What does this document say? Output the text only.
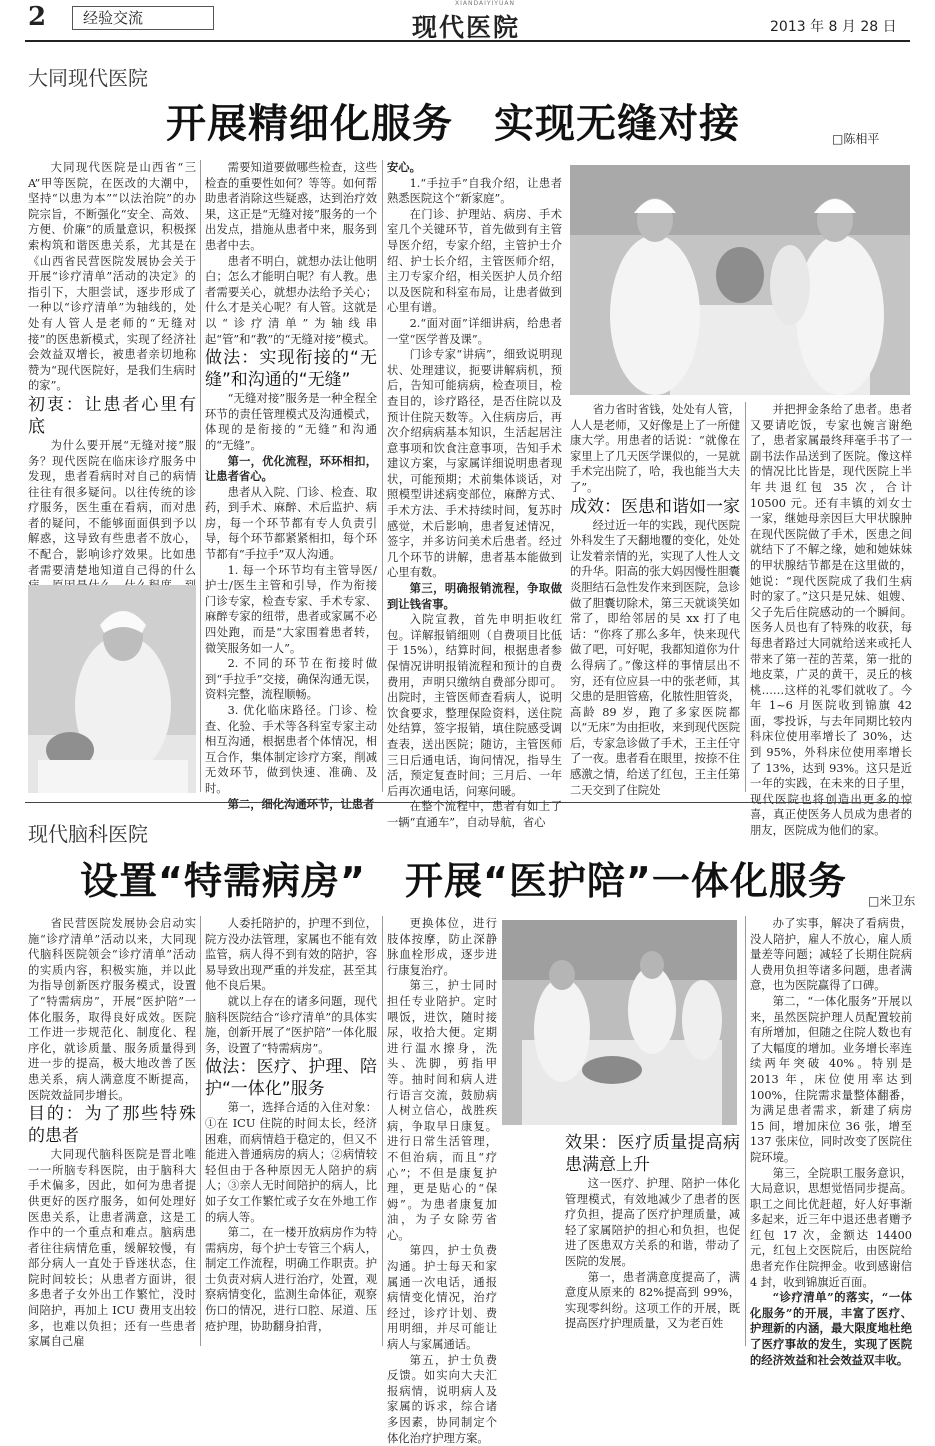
2	经验交流
XIANDAIYIYUAN
现代医院	2013 年 8 月 28 日
大同现代医院
开展精细化服务　实现无缝对接	□陈相平

大同现代医院是山西省“三A”甲等医院，在医改的大潮中，坚持“以患为本”“以法治院”的办院宗旨，不断强化“安全、高效、方便、价廉”的质量意识，积极探索构筑和谐医患关系，尤其是在《山西省民营医院发展协会关于开展“诊疗清单”活动的决定》的指引下，大胆尝试，逐步形成了一种以“诊疗清单”为轴线的，处处有人管人是老师的“无缝对接”的医患新模式，实现了经济社会效益双增长，被患者亲切地称赞为“现代医院好，是我们生病时的家”。

初衷：让患者心里有底

为什么要开展“无缝对接”服务？现代医院在临床诊疗服务中发现，患者看病时对自己的病情往往有很多疑问。以往传统的诊疗服务，医生重在看病，而对患者的疑问，不能够面面俱到予以解惑，这导致有些患者不放心，不配合，影响诊疗效果。比如患者需要清楚地知道自己得的什么

需要知道要做哪些检查，这些检查的重要性如何？等等。如何帮助患者消除这些疑惑，达到治疗效果，这正是“无缝对接”服务的一个出发点，措施从患者中来，服务到患者中去。

患者不明白，就想办法让他明白；怎么才能明白呢？有人教。患者需要关心，就想办法给予关心；什么才是关心呢？有人管。这就是以“诊疗清单”为轴线串起“管”和“教”的“无缝对接”模式。

做法：实现衔接的“无缝”和沟通的“无缝”

“无缝对接”服务是一种全程全环节的责任管理模式及沟通模式，体现的是衔接的“无缝”和沟通的“无缝”。

第一，优化流程，环环相扣，让患者省心。

患者从入院、门诊、检查、取药，到手术、麻醉、术后监护、病房，每一个环节都有专人负责引导，每个环节都紧紧相扣，每个环节都有“手拉手”双人沟通。

1. 每一个环节均有主管导医/护士/医生主管和引导，作为衔接门诊专家，检查专家、手术专家、麻醉专家的纽带，患者或家属不必四处跑，而是“大家围着患者转，微笑服务如一人”。

2. 不同的环节在衔接时做到“手拉手”交接，确保沟通无误，资料完整，流程顺畅。

3. 优化临床路径。门诊、检查、化验、手术等各科室专家主动相互沟通，根据患者个体情况，相互合作，集体制定诊疗方案，削减无效环节，做到快速、准确、及时。

第二，细化沟通环节，让患者

安心。

1.“手拉手”自我介绍，让患者熟悉医院这个“新家庭”。

在门诊、护理站、病房、手术室几个关键环节，首先做到有主管导医介绍，专家介绍，主管护士介绍、护士长介绍，主管医师介绍，主刀专家介绍，相关医护人员介绍以及医院和科室布局，让患者做到心里有谱。

2.“面对面”详细讲病，给患者一堂“医学普及课”。

门诊专家“讲病”，细致说明现状、处理建议，扼要讲解病机，预后，告知可能病病，检查项目，检查目的，诊疗路径，是否住院以及预计住院天数等。入住病房后，再次介绍病病基本知识，生活起居注意事项和饮食注意事项，告知手术建议方案，与家属详细说明患者现状，可能预期；术前集体谈话，对照模型讲述病变部位，麻醉方式、手术方法、手术持续时间，复苏时感觉，术后影响，患者复述情况，签字，并多访问美术后患者。经过几个环节的讲解，患者基本能做到心里有数。

第三，明确报销流程，争取做到让钱省事。

入院宣教，首先申明拒收红包。详解报销细则（自费项目比低于 15%），结算时间，根据患者参保情况讲明报销流程和预计的自费费用，声明只缴纳自费部分即可。出院时，主管医师查看病人，说明饮食要求，整理保险资料，送住院处结算，签字报销，填住院感受调查表，送出医院；随访，主管医师三日后通电话，询问情况，指导生活，预定复查时间；三月后、一年后再次通电话，问寒问暖。

在整个流程中，患者有如上了一辆“直通车”，自动导航，省心

省力省时省钱，处处有人管，人人是老师，又好像是上了一所健康大学。用患者的话说：“就像在家里上了几天医学课似的，一晃就手术完出院了，哈，我也能当大夫了”。

成效：医患和谐如一家

经过近一年的实践，现代医院外科发生了天翻地覆的变化，处处让发着亲情的光，实现了人性人文的升华。阳高的张大妈因慢性胆囊炎胆结石急性发作来到医院，急诊做了胆囊切除术，第三天就谈笑如常了，即给邻居的吴 xx 打了电话：“你疼了那么多年，快来现代做了吧，可好呢，我都知道你为什么得病了。”像这样的事情层出不穷，还有位应县一中的张老师，其父患的是胆管癌，化脓性胆管炎，高龄 89 岁，跑了多家医院都以“无床”为由拒收，来到现代医院后，专家急诊做了手术，王主任守了一夜。患者看在眼里，按捺不住感激之情，给送了红包，王主任第二天交到了住院处

并把押金条给了患者。患者又要请吃饭，专家也婉言谢绝了，患者家属最终拜毫手书了一副书法作品送到了医院。像这样的情况比比皆是，现代医院上半年共退红包 35 次，合计 10500 元。还有丰镇的刘女士一家，继她母亲因巨大甲状腺肿在现代医院做了手术，医患之间就结下了不解之缘，她和她妹妹的甲状腺结节都是在这里做的，她说：“现代医院成了我们生病时的家了。”这只是兄妹、姐嫂、父子先后住院感动的一个瞬间。医务人员也有了特殊的收获，每每患者路过大同就给送来或托人带来了第一茬的苦菜，第一批的地皮菜，广灵的黄干，灵丘的核桃……这样的礼零们就收了。今年 1~6 月医院收到锦旗 42 面，零投诉，与去年同期比较内科床位使用率增长了 30%，达到 95%，外科床位使用率增长了 13%，达到 93%。这只是近一年的实践，在未来的日子里，现代医院也将创造出更多的惊喜，真正使医务人员成为患者的朋友，医院成为他们的家。

现代脑科医院
设置“特需病房”　开展“医护陪”一体化服务 □米卫东

省民营医院发展协会启动实施“诊疗清单”活动以来，大同现代脑科医院领会“诊疗清单”活动的实质内容，积极实施，并以此为指导创新医疗服务模式，设置了“特需病房”，开展“医护陪”一体化服务，取得良好成效。医院工作进一步规范化、制度化、程序化，就诊质量、服务质量得到进一步的提高，极大地改善了医患关系，病人满意度不断提高，医院效益同步增长。

目的：为了那些特殊的患者

大同现代脑科医院是晋北唯一一所脑专科医院，由于脑科大手术偏多，因此，如何为患者提供更好的医疗服务，如何处理好医患关系，让患者满意，这是工作中的一个重点和难点。脑病患者往往病情危重，缓解较慢，有部分病人一直处于昏迷状态，住院时间较长；从患者方面讲，很多患者子女外出工作繁忙，没时间陪护，再加上 ICU 费用支出较多，也难以负担；还有一些患者家属自己雇

人委托陪护的，护理不到位，院方没办法管理，家属也不能有效监管，病人得不到有效的陪护，容易导致出现严重的并发症，甚至其他不良后果。

就以上存在的诸多问题，现代脑科医院结合“诊疗清单”的具体实施，创新开展了“医护陪”一体化服务，设置了“特需病房”。

做法：医疗、护理、陪护“一体化”服务

第一，选择合适的入住对象：①在 ICU 住院的时间太长，经济困难，而病情趋于稳定的，但又不能进入普通病房的病人；②病情较轻但由于各种原因无人陪护的病人；③亲人无时间陪护的病人，比如子女工作繁忙或子女在外地工作的病人等。

第二，在一楼开放病房作为特需病房，每个护士专管三个病人，制定工作流程，明确工作职责。护士负责对病人进行治疗，处置，观察病情变化，监测生命体征，观察伤口的情况，进行口腔、尿道、压疮护理，协助翻身拍背，

更换体位，进行肢体按摩，防止深静脉血栓形成，逐步进行康复治疗。

第三，护士同时担任专业陪护。定时喂饭，进饮，随时接尿，收拾大便。定期进行温水擦身，洗头、洗脚，剪指甲等。抽时间和病人进行语言交流，鼓励病人树立信心，战胜疾病，争取早日康复。进行日常生活管理，不但治病，而且“疗心”；不但是康复护理，更是贴心的“保姆”。为患者康复加油，为子女除劳省心。

第四，护士负费沟通。护士每天和家属通一次电话，通报病情变化情况，治疗经过，诊疗计划、费用明细，并尽可能让病人与家属通话。

第五，护士负费反馈。如实向大夫汇报病情，说明病人及家属的诉求，综合诸多因素，协同制定个体化治疗护理方案。

效果：医疗质量提高病患满意上升

这一医疗、护理、陪护一体化管理模式，有效地减少了患者的医疗负担，提高了医疗护理质量，减轻了家属陪护的担心和负担，也促进了医患双方关系的和谐，带动了医院的发展。

第一，患者满意度提高了，满意度从原来的 82%提高到 99%，实现零纠纷。这项工作的开展，既提高医疗护理质量，又为老百姓

办了实事，解决了看病贵，没人陪护，雇人不放心，雇人质量差等问题；减轻了长期住院病人费用负担等诸多问题，患者满意，也为医院赢得了口碑。

第二，“一体化服务”开展以来，虽然医院护理人员配置较前有所增加，但随之住院人数也有了大幅度的增加。业务增长率连续两年突破 40%。特别是 2013 年，床位使用率达到 100%，住院需求量整体翻番，为满足患者需求，新建了病房 15 间，增加床位 36 张，增至 137 张床位，同时改变了医院住院环境。

第三，全院职工服务意识，大局意识，思想觉悟同步提高。职工之间比优赶超，好人好事渐多起来，近三年中退还患者赠予红包 17 次，金额达 14400 元，红包上交医院后，由医院给患者充作住院押金。收到感谢信 4 封，收到锦旗近百面。

“诊疗清单”的落实，“一体化服务”的开展，丰富了医疗、护理新的内涵，最大限度地杜绝了医疗事故的发生，实现了医院的经济效益和社会效益双丰收。
